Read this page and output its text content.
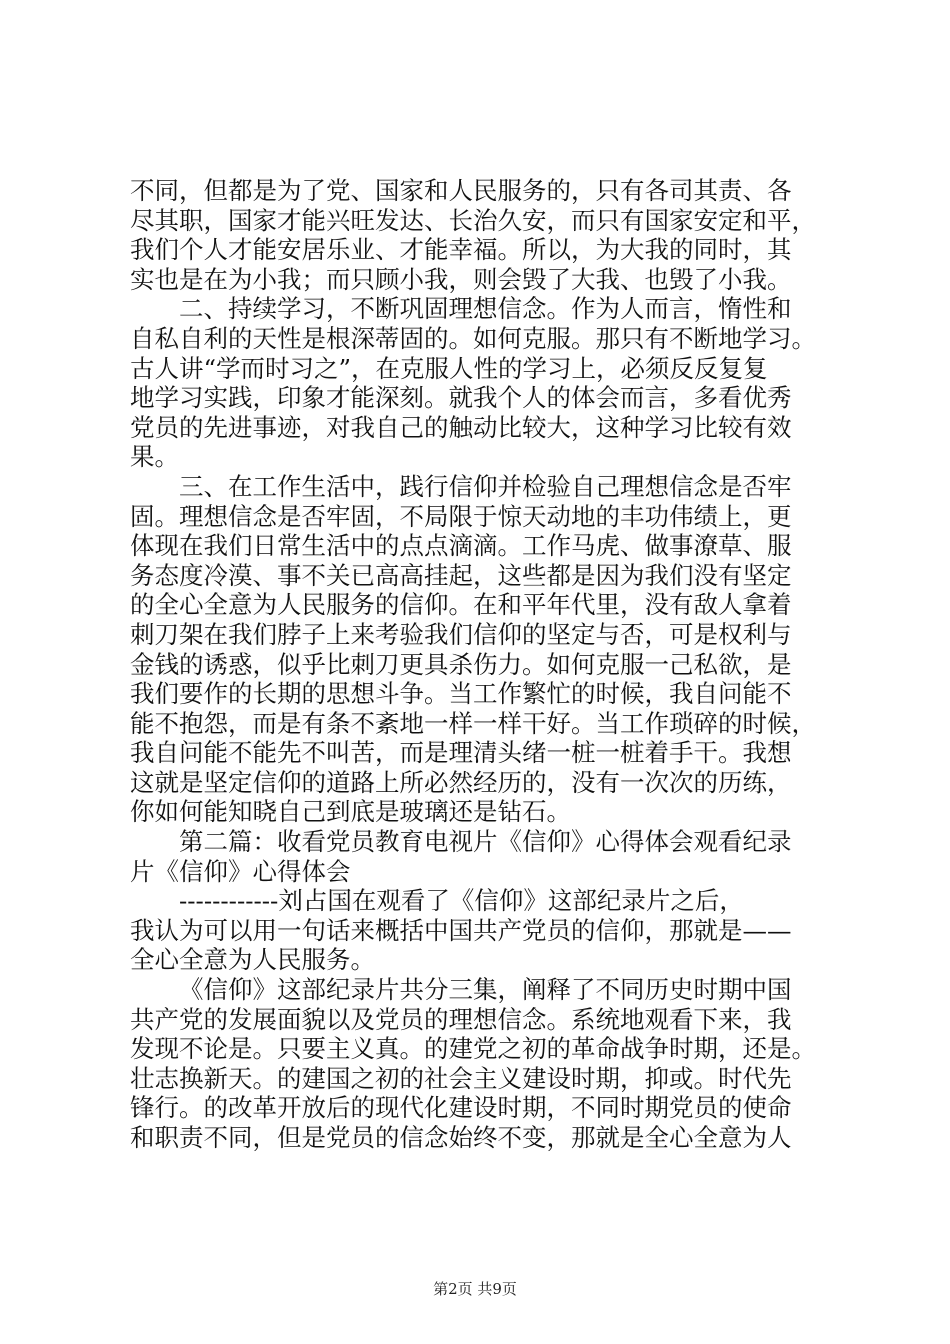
不同，但都是为了党、国家和人民服务的，只有各司其责、各
尽其职，国家才能兴旺发达、长治久安，而只有国家安定和平，
我们个人才能安居乐业、才能幸福。所以，为大我的同时，其
实也是在为小我；而只顾小我，则会毁了大我、也毁了小我。
二、持续学习，不断巩固理想信念。作为人而言，惰性和
自私自利的天性是根深蒂固的。如何克服。那只有不断地学习。
古人讲“学而时习之”，在克服人性的学习上，必须反反复复
地学习实践，印象才能深刻。就我个人的体会而言，多看优秀
党员的先进事迹，对我自己的触动比较大，这种学习比较有效
果。
三、在工作生活中，践行信仰并检验自己理想信念是否牢
固。理想信念是否牢固，不局限于惊天动地的丰功伟绩上，更
体现在我们日常生活中的点点滴滴。工作马虎、做事潦草、服
务态度冷漠、事不关已高高挂起，这些都是因为我们没有坚定
的全心全意为人民服务的信仰。在和平年代里，没有敌人拿着
刺刀架在我们脖子上来考验我们信仰的坚定与否，可是权利与
金钱的诱惑，似乎比刺刀更具杀伤力。如何克服一己私欲，是
我们要作的长期的思想斗争。当工作繁忙的时候，我自问能不
能不抱怨，而是有条不紊地一样一样干好。当工作琐碎的时候，
我自问能不能先不叫苦，而是理清头绪一桩一桩着手干。我想
这就是坚定信仰的道路上所必然经历的，没有一次次的历练，
你如何能知晓自己到底是玻璃还是钻石。
第二篇：收看党员教育电视片《信仰》心得体会观看纪录
片《信仰》心得体会
------------刘占国在观看了《信仰》这部纪录片之后，
我认为可以用一句话来概括中国共产党员的信仰，那就是——
全心全意为人民服务。
《信仰》这部纪录片共分三集，阐释了不同历史时期中国
共产党的发展面貌以及党员的理想信念。系统地观看下来，我
发现不论是。只要主义真。的建党之初的革命战争时期，还是。
壮志换新天。的建国之初的社会主义建设时期，抑或。时代先
锋行。的改革开放后的现代化建设时期，不同时期党员的使命
和职责不同，但是党员的信念始终不变，那就是全心全意为人
第2页 共9页
